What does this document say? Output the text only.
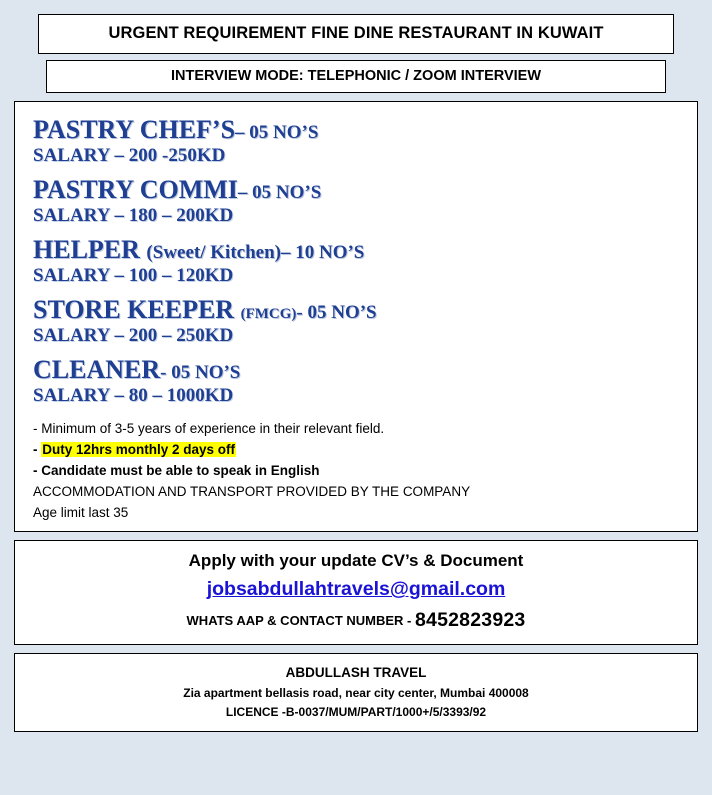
URGENT REQUIREMENT FINE DINE RESTAURANT IN KUWAIT
INTERVIEW MODE: TELEPHONIC / ZOOM INTERVIEW
PASTRY CHEF’S– 05 NO’S
SALARY – 200 -250KD
PASTRY COMMI– 05 NO’S
SALARY – 180 – 200KD
HELPER (Sweet/ Kitchen)– 10 NO’S
SALARY – 100 – 120KD
STORE KEEPER (FMCG)- 05 NO’S
SALARY – 200 – 250KD
CLEANER- 05 NO’S
SALARY – 80 – 1000KD
- Minimum of 3-5 years of experience in their relevant field.
- Duty 12hrs monthly 2 days off
- Candidate must be able to speak in English
ACCOMMODATION AND TRANSPORT PROVIDED BY THE COMPANY
Age limit last 35
Apply with your update CV’s & Document
jobsabdullahtravels@gmail.com
WHATS AAP & CONTACT NUMBER - 8452823923
ABDULLASH TRAVEL
Zia apartment bellasis road, near city center, Mumbai 400008
LICENCE -B-0037/MUM/PART/1000+/5/3393/92
